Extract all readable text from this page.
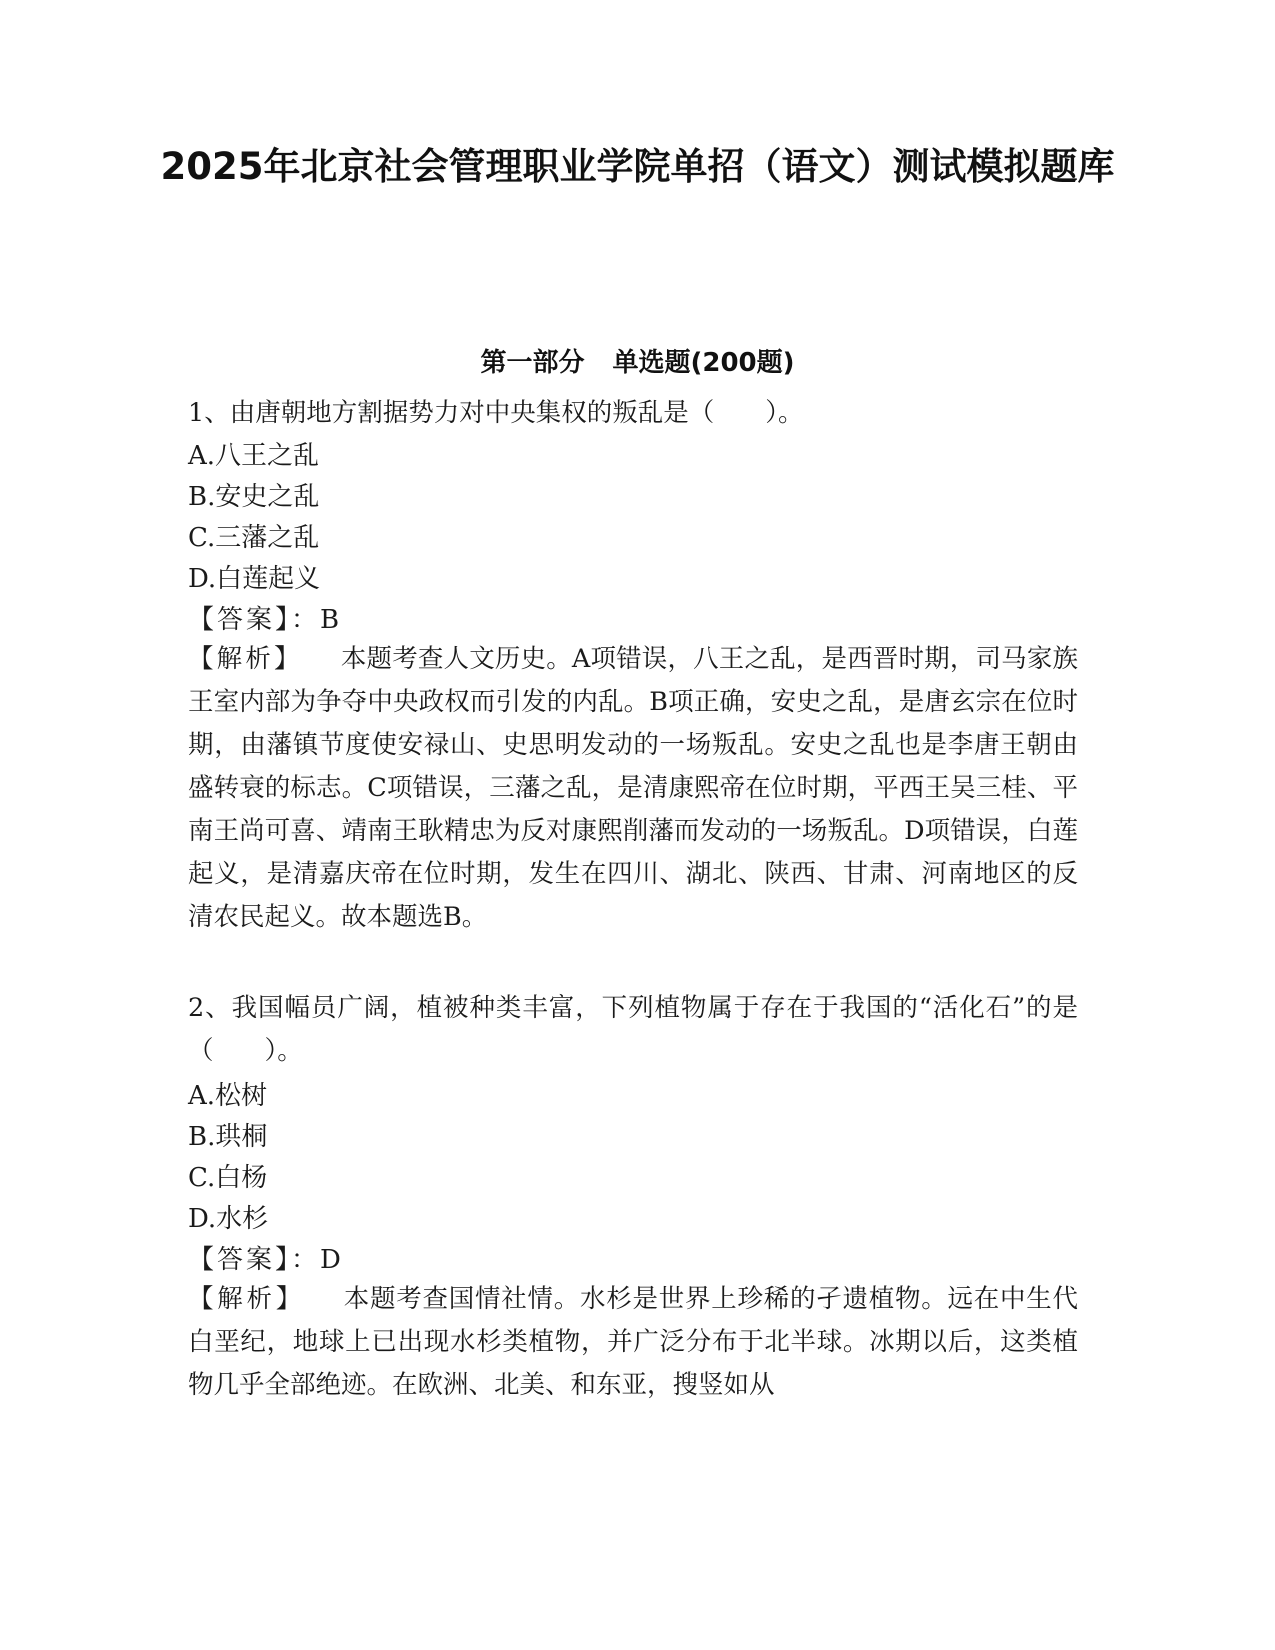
2025年北京社会管理职业学院单招（语文）测试模拟题库
第一部分 单选题(200题)
1、由唐朝地方割据势力对中央集权的叛乱是（　　）。
A.八王之乱
B.安史之乱
C.三藩之乱
D.白莲起义
【答案】：B
【解析】 本题考查人文历史。A项错误，八王之乱，是西晋时期，司马家族王室内部为争夺中央政权而引发的内乱。B项正确，安史之乱，是唐玄宗在位时期，由藩镇节度使安禄山、史思明发动的一场叛乱。安史之乱也是李唐王朝由盛转衰的标志。C项错误，三藩之乱，是清康熙帝在位时期，平西王吴三桂、平南王尚可喜、靖南王耿精忠为反对康熙削藩而发动的一场叛乱。D项错误，白莲起义，是清嘉庆帝在位时期，发生在四川、湖北、陕西、甘肃、河南地区的反清农民起义。故本题选B。
2、我国幅员广阔，植被种类丰富，下列植物属于存在于我国的“活化石”的是（　　）。
A.松树
B.珙桐
C.白杨
D.水杉
【答案】：D
【解析】 本题考查国情社情。水杉是世界上珍稀的孑遗植物。远在中生代白垩纪，地球上已出现水杉类植物，并广泛分布于北半球。冰期以后，这类植物几乎全部绝迹。在欧洲、北美、和东亚，搜竖如从
